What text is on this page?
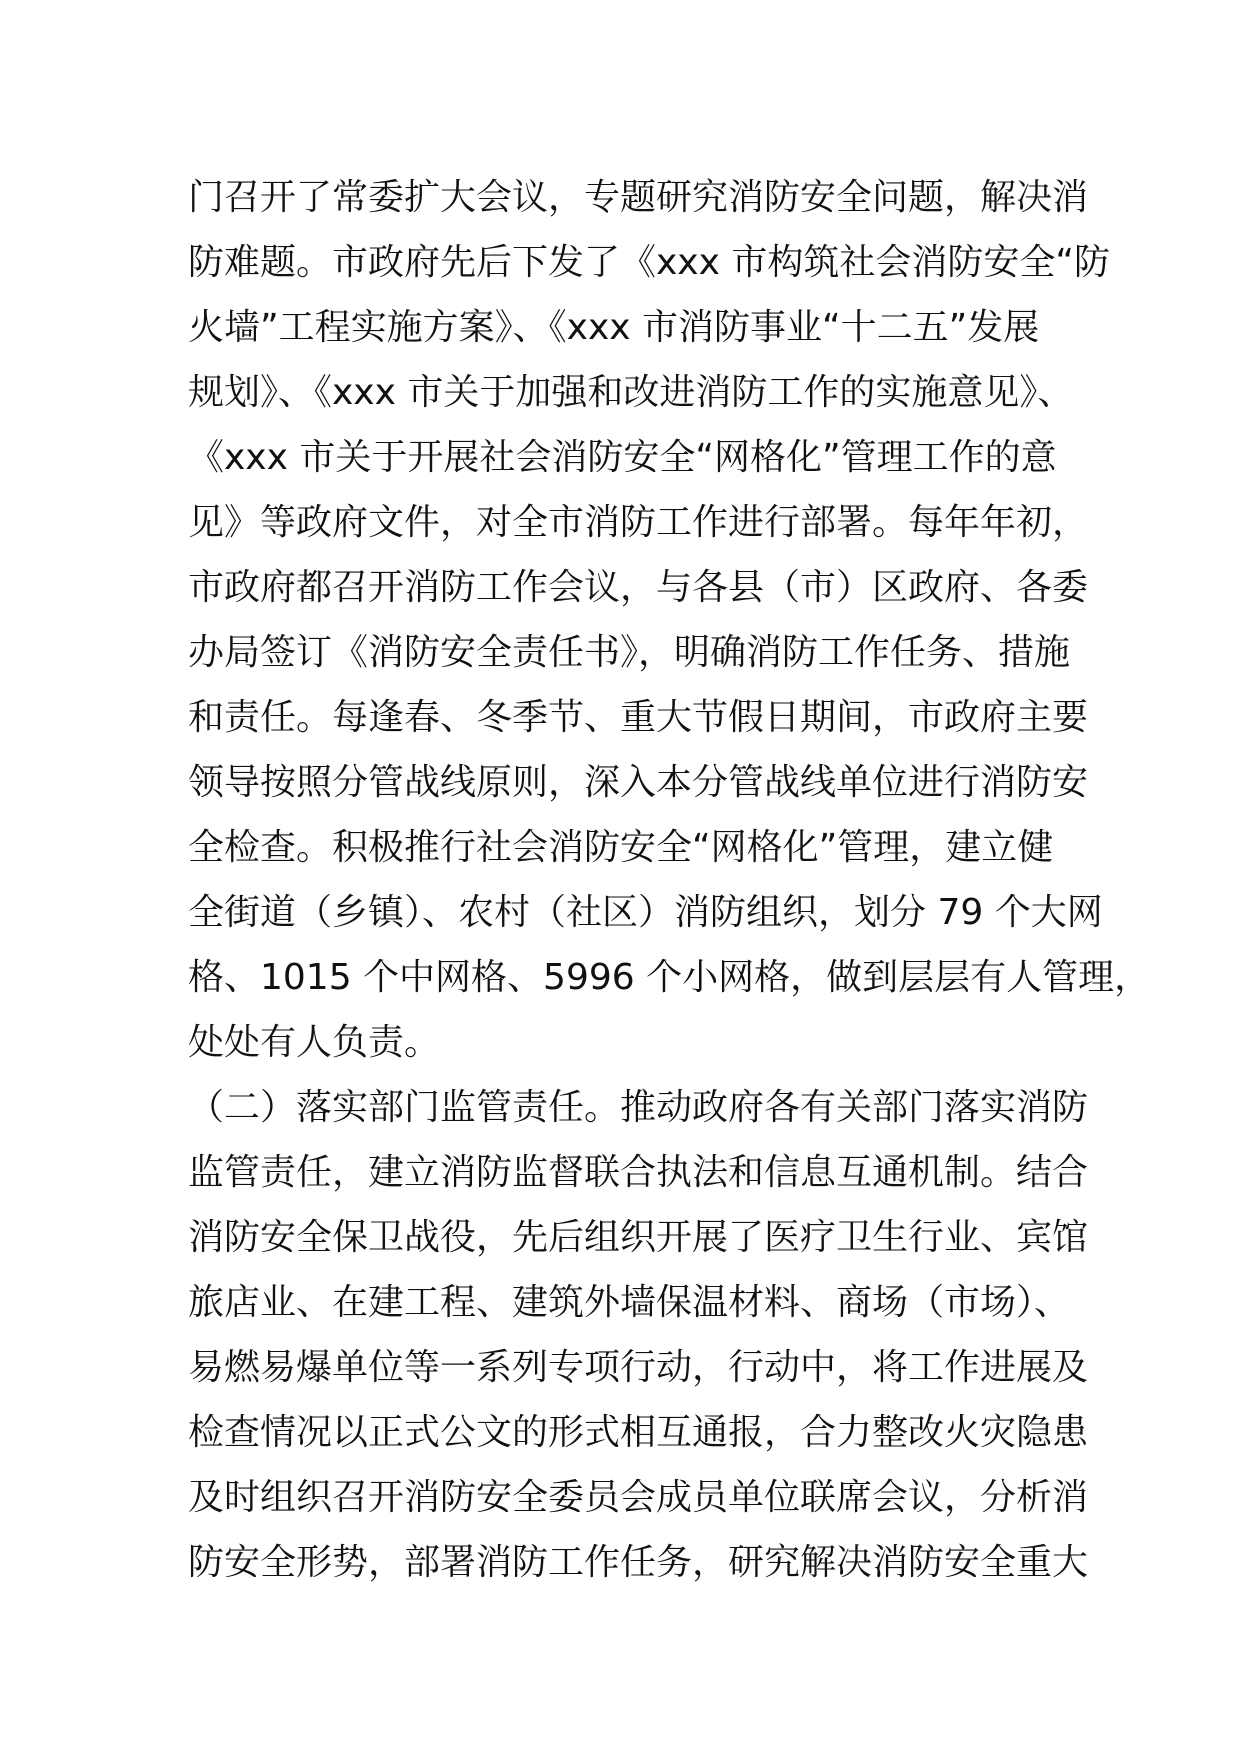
门召开了常委扩大会议，专题研究消防安全问题，解决消
防难题。市政府先后下发了《xxx 市构筑社会消防安全“防
火墙”工程实施方案》、《xxx 市消防事业“十二五”发展
规划》、《xxx 市关于加强和改进消防工作的实施意见》、
《xxx 市关于开展社会消防安全“网格化”管理工作的意
见》等政府文件，对全市消防工作进行部署。每年年初，
市政府都召开消防工作会议，与各县（市）区政府、各委
办局签订《消防安全责任书》，明确消防工作任务、措施
和责任。每逢春、冬季节、重大节假日期间，市政府主要
领导按照分管战线原则，深入本分管战线单位进行消防安
全检查。积极推行社会消防安全“网格化”管理，建立健
全街道（乡镇）、农村（社区）消防组织，划分 79 个大网
格、1015 个中网格、5996 个小网格，做到层层有人管理，
处处有人负责。
（二）落实部门监管责任。推动政府各有关部门落实消防
监管责任，建立消防监督联合执法和信息互通机制。结合
消防安全保卫战役，先后组织开展了医疗卫生行业、宾馆
旅店业、在建工程、建筑外墙保温材料、商场（市场）、
易燃易爆单位等一系列专项行动，行动中，将工作进展及
检查情况以正式公文的形式相互通报，合力整改火灾隐患
及时组织召开消防安全委员会成员单位联席会议，分析消
防安全形势，部署消防工作任务，研究解决消防安全重大
